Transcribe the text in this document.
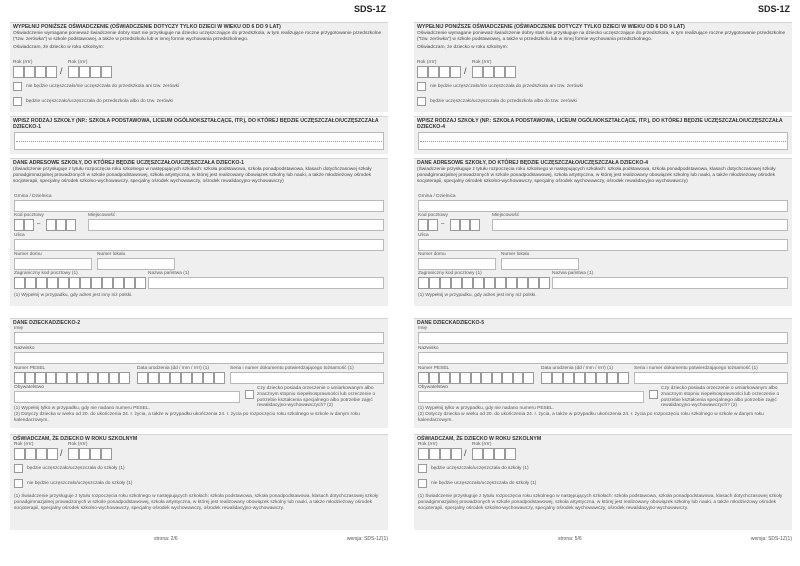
SDS-1Z
WYPEŁNIJ PONIŻSZE OŚWIADCZENIE (OŚWIADCZENIE DOTYCZY TYLKO DZIECI W WIEKU OD 6 DO 9 LAT)
Oświadczenie wymagane ponieważ świadczenie dobry start nie przysługuje na dziecko uczęszczające do przedszkola, w tym realizujące roczne przygotowanie przedszkolne ("tzw. zerówka") w szkole podstawowej, a także w przedszkolu lub w innej formie wychowania przedszkolnego.
Oświadczam, że dziecko w roku szkolnym:
Rok (rrrr)	Rok (rrrr)
/
nie będzie uczęszczało/nie uczęszczała do przedszkola ani tzw. zerówki
będzie uczęszczało/uczęszczała do przedszkola albo do tzw. zerówki
WPISZ RODZAJ SZKOŁY (NP.: SZKOŁA PODSTAWOWA, LICEUM OGÓLNOKSZTAŁCĄCE, ITP.), DO KTÓREJ BĘDZIE UCZĘSZCZAŁO/UCZĘSZCZAŁA DZIECKO-1
DANE ADRESOWE SZKOŁY, DO KTÓREJ BĘDZIE UCZĘSZCZAŁO/UCZĘSZCZAŁA DZIECKO-1
(Świadczenie przysługuje z tytułu rozpoczęcia roku szkolnego w następujących szkołach: szkoła podstawowa, szkoła ponadpodstawowa, klasach dotychczasowej szkoły ponadgimnazjalnej prowadzonych w szkole ponadpodstawowej, szkoła artystyczna, w której jest realizowany obowiązek szkolny lub nauki, a także młodzieżowy ośrodek socjoterapii, specjalny ośrodek szkolno-wychowawczy, specjalny ośrodek wychowawczy, ośrodek rewalidacyjno-wychowawczy)
Gmina / Dzielnica
Kod pocztowy	Miejscowość
–
Ulica
Numer domu	Numer lokalu
Zagraniczny kod pocztowy (1)	Nazwa państwa (1)
(1) Wypełnij w przypadku, gdy adres jest inny niż polski.
DANE DZIECKADZIECKO-2
Imię
Nazwisko
Numer PESEL	Data urodzenia (dd / mm / rrrr) (1)	Seria i numer dokumentu potwierdzającego tożsamość (1)
Obywatelstwo	Czy dziecko posiada orzeczenie o umiarkowanym albo znacznym stopniu niepełnosprawności lub orzeczenie o potrzebie kształcenia specjalnego albo potrzebie zajęć rewalidacyjno-wychowawczych? (2)
(1) Wypełnij tylko w przypadku, gdy nie nadano numeru PESEL.
(2) Dotyczy dziecka w wieku od 20. do ukończenia 24. r. życia, a także w przypadku ukończenia 24. r. życia po rozpoczęciu roku szkolnego w szkole w danym roku kalendarzowym.
OŚWIADCZAM, ŻE DZIECKO W ROKU SZKOLNYM
Rok (rrrr)	Rok (rrrr)
/
będzie uczęszczało/uczęszczała do szkoły (1)
nie będzie uczęszczało/uczęszczała do szkoły (1)
(1) Świadczenie przysługuje z tytułu rozpoczęcia roku szkolnego w następujących szkołach: szkoła podstawowa, szkoła ponadpodstawowa, klasach dotychczasowej szkoły ponadgimnazjalnej prowadzonych w szkole ponadpodstawowej, szkoła artystyczna, w której jest realizowany obowiązek szkolny lub nauki, a także młodzieżowy ośrodek socjoterapii, specjalny ośrodek szkolno-wychowawczy, specjalny ośrodek wychowawczy, ośrodek rewalidacyjno-wychowawczy.
strona: 2/6	wersja: SDS-1Z(1)
SDS-1Z
WYPEŁNIJ PONIŻSZE OŚWIADCZENIE (OŚWIADCZENIE DOTYCZY TYLKO DZIECI W WIEKU OD 6 DO 9 LAT)
Oświadczenie wymagane ponieważ świadczenie dobry start nie przysługuje na dziecko uczęszczające do przedszkola, w tym realizujące roczne przygotowanie przedszkolne ("tzw. zerówka") w szkole podstawowej, a także w przedszkolu lub w innej formie wychowania przedszkolnego.
Oświadczam, że dziecko w roku szkolnym:
Rok (rrrr)	Rok (rrrr)
/
nie będzie uczęszczało/nie uczęszczała do przedszkola ani tzw. zerówki
będzie uczęszczało/uczęszczała do przedszkola albo do tzw. zerówki
WPISZ RODZAJ SZKOŁY (NP.: SZKOŁA PODSTAWOWA, LICEUM OGÓLNOKSZTAŁCĄCE, ITP.), DO KTÓREJ BĘDZIE UCZĘSZCZAŁO/UCZĘSZCZAŁA DZIECKO-4
DANE ADRESOWE SZKOŁY, DO KTÓREJ BĘDZIE UCZĘSZCZAŁO/UCZĘSZCZAŁA DZIECKO-4
(Świadczenie przysługuje z tytułu rozpoczęcia roku szkolnego w następujących szkołach: szkoła podstawowa, szkoła ponadpodstawowa, klasach dotychczasowej szkoły ponadgimnazjalnej prowadzonych w szkole ponadpodstawowej, szkoła artystyczna, w której jest realizowany obowiązek szkolny lub nauki, a także młodzieżowy ośrodek socjoterapii, specjalny ośrodek szkolno-wychowawczy, specjalny ośrodek wychowawczy, ośrodek rewalidacyjno-wychowawczy)
Gmina / Dzielnica
Kod pocztowy	Miejscowość
–
Ulica
Numer domu	Numer lokalu
Zagraniczny kod pocztowy (1)	Nazwa państwa (1)
(1) Wypełnij w przypadku, gdy adres jest inny niż polski.
DANE DZIECKADZIECKO-5
Imię
Nazwisko
Numer PESEL	Data urodzenia (dd / mm / rrrr) (1)	Seria i numer dokumentu potwierdzającego tożsamość (1)
Obywatelstwo	Czy dziecko posiada orzeczenie o umiarkowanym albo znacznym stopniu niepełnosprawności lub orzeczenie o potrzebie kształcenia specjalnego albo potrzebie zajęć rewalidacyjno-wychowawczych? (2)
(1) Wypełnij tylko w przypadku, gdy nie nadano numeru PESEL.
(2) Dotyczy dziecka w wieku od 20. do ukończenia 24. r. życia, a także w przypadku ukończenia 24. r. życia po rozpoczęciu roku szkolnego w szkole w danym roku kalendarzowym.
OŚWIADCZAM, ŻE DZIECKO W ROKU SZKOLNYM
Rok (rrrr)	Rok (rrrr)
/
będzie uczęszczało/uczęszczała do szkoły (1)
nie będzie uczęszczało/uczęszczała do szkoły (1)
(1) Świadczenie przysługuje z tytułu rozpoczęcia roku szkolnego w następujących szkołach: szkoła podstawowa, szkoła ponadpodstawowa, klasach dotychczasowej szkoły ponadgimnazjalnej prowadzonych w szkole ponadpodstawowej, szkoła artystyczna, w której jest realizowany obowiązek szkolny lub nauki, a także młodzieżowy ośrodek socjoterapii, specjalny ośrodek szkolno-wychowawczy, specjalny ośrodek wychowawczy, ośrodek rewalidacyjno-wychowawczy.
strona: 5/6	wersja: SDS-1Z(1)
